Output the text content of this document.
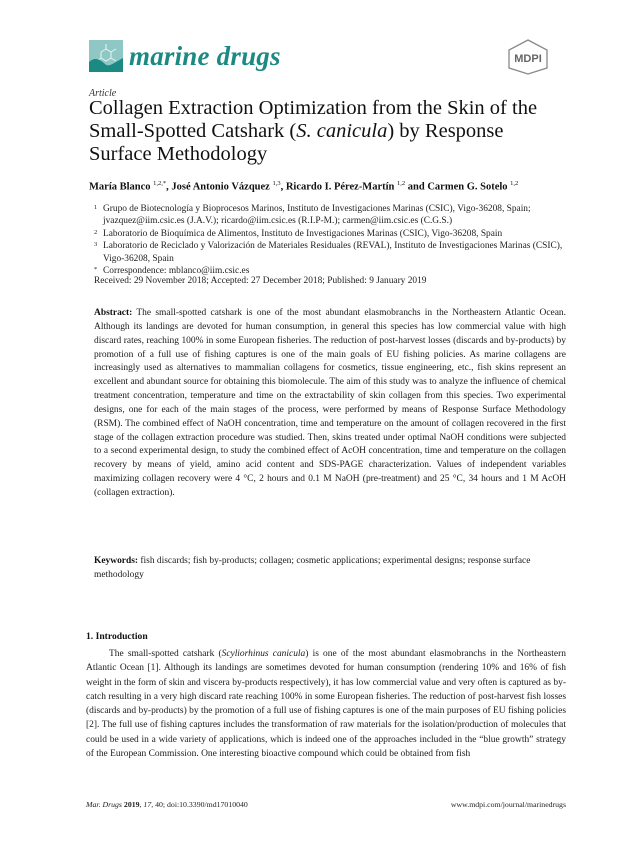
marine drugs	MDPI
Article
Collagen Extraction Optimization from the Skin of the Small-Spotted Catshark (S. canicula) by Response Surface Methodology
María Blanco $^{1,2,*}$, José Antonio Vázquez $^{1,3}$, Ricardo I. Pérez-Martín $^{1,2}$ and Carmen G. Sotelo $^{1,2}$
1 Grupo de Biotecnología y Bioprocesos Marinos, Instituto de Investigaciones Marinas (CSIC), Vigo-36208, Spain; jvazquez@iim.csic.es (J.A.V.); ricardo@iim.csic.es (R.I.P-M.); carmen@iim.csic.es (C.G.S.)
2 Laboratorio de Bioquímica de Alimentos, Instituto de Investigaciones Marinas (CSIC), Vigo-36208, Spain
3 Laboratorio de Reciclado y Valorización de Materiales Residuales (REVAL), Instituto de Investigaciones Marinas (CSIC), Vigo-36208, Spain
* Correspondence: mblanco@iim.csic.es
Received: 29 November 2018; Accepted: 27 December 2018; Published: 9 January 2019
Abstract: The small-spotted catshark is one of the most abundant elasmobranchs in the Northeastern Atlantic Ocean. Although its landings are devoted for human consumption, in general this species has low commercial value with high discard rates, reaching 100% in some European fisheries. The reduction of post-harvest losses (discards and by-products) by promotion of a full use of fishing captures is one of the main goals of EU fishing policies. As marine collagens are increasingly used as alternatives to mammalian collagens for cosmetics, tissue engineering, etc., fish skins represent an excellent and abundant source for obtaining this biomolecule. The aim of this study was to analyze the influence of chemical treatment concentration, temperature and time on the extractability of skin collagen from this species. Two experimental designs, one for each of the main stages of the process, were performed by means of Response Surface Methodology (RSM). The combined effect of NaOH concentration, time and temperature on the amount of collagen recovered in the first stage of the collagen extraction procedure was studied. Then, skins treated under optimal NaOH conditions were subjected to a second experimental design, to study the combined effect of AcOH concentration, time and temperature on the collagen recovery by means of yield, amino acid content and SDS-PAGE characterization. Values of independent variables maximizing collagen recovery were 4 °C, 2 hours and 0.1 M NaOH (pre-treatment) and 25 °C, 34 hours and 1 M AcOH (collagen extraction).
Keywords: fish discards; fish by-products; collagen; cosmetic applications; experimental designs; response surface methodology
1. Introduction
The small-spotted catshark (Scyliorhinus canicula) is one of the most abundant elasmobranchs in the Northeastern Atlantic Ocean [1]. Although its landings are sometimes devoted for human consumption (rendering 10% and 16% of fish weight in the form of skin and viscera by-products respectively), it has low commercial value and very often is captured as by-catch resulting in a very high discard rate reaching 100% in some European fisheries. The reduction of post-harvest fish losses (discards and by-products) by the promotion of a full use of fishing captures is one of the main purposes of EU fishing policies [2]. The full use of fishing captures includes the transformation of raw materials for the isolation/production of molecules that could be used in a wide variety of applications, which is indeed one of the approaches included in the “blue growth” strategy of the European Commission. One interesting bioactive compound which could be obtained from fish
Mar. Drugs 2019, 17, 40; doi:10.3390/md17010040	www.mdpi.com/journal/marinedrugs
